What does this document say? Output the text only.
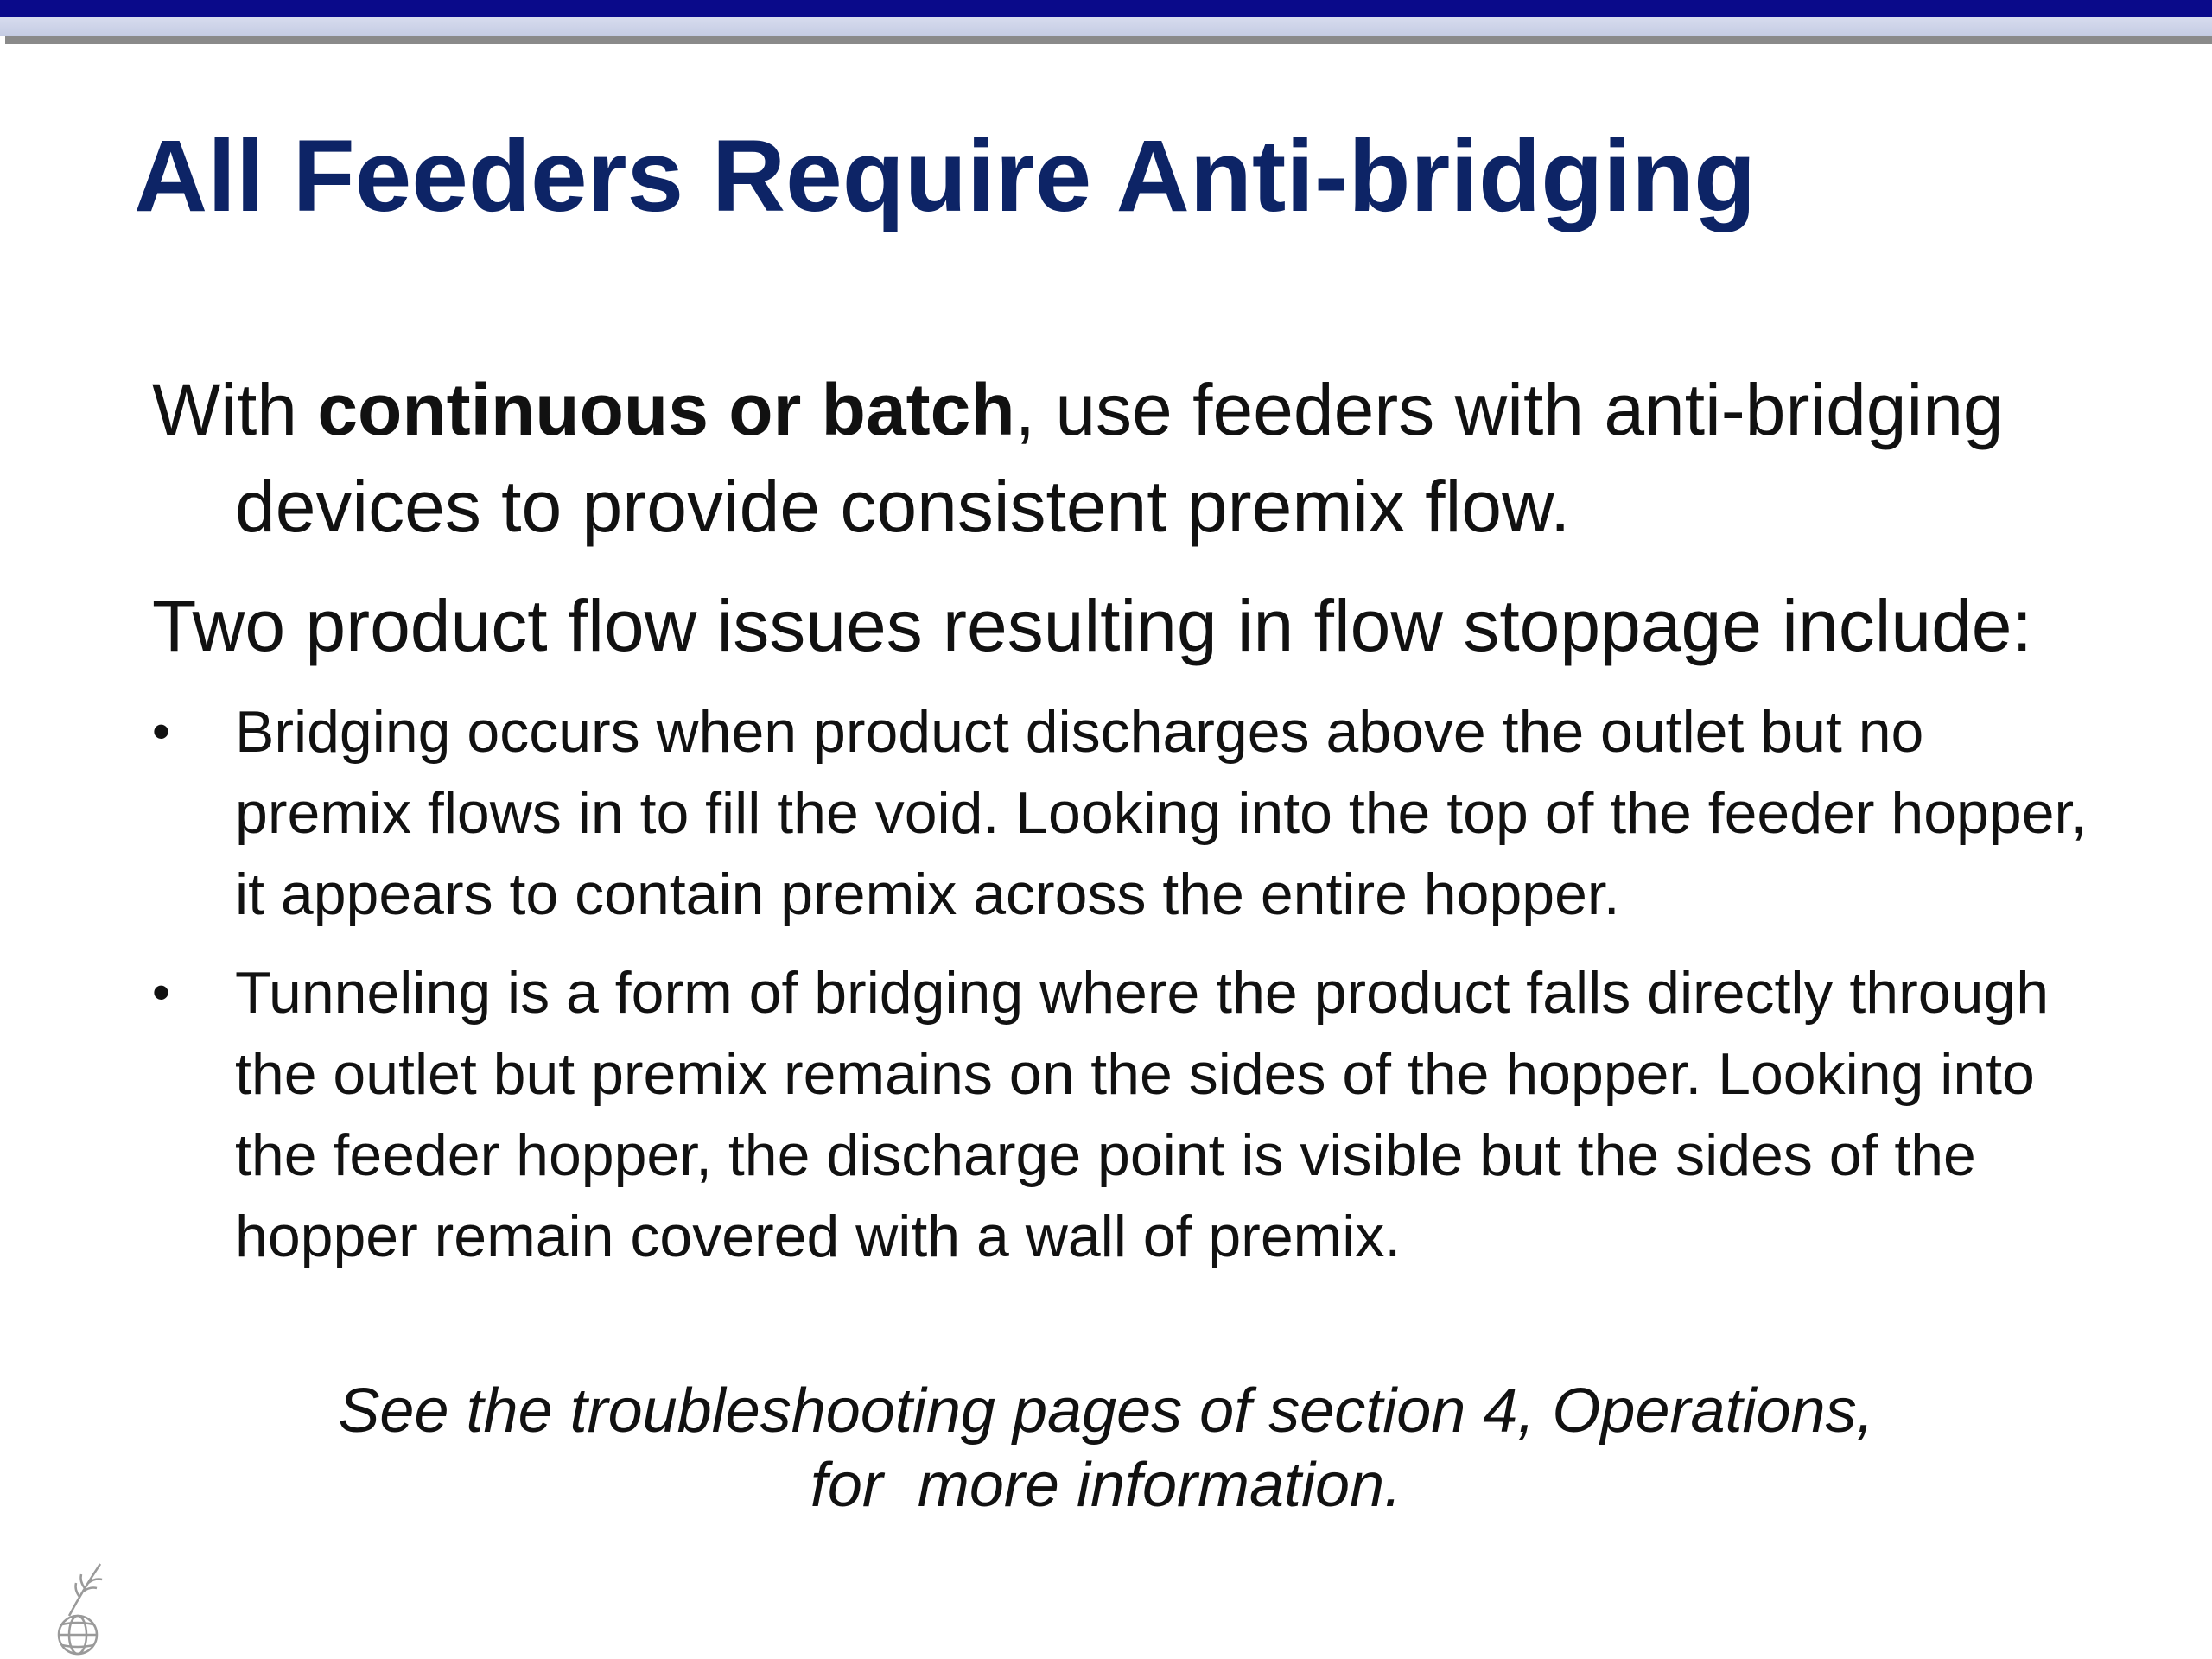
All Feeders Require Anti-bridging
With continuous or batch, use feeders with anti-bridging devices to provide consistent premix flow.
Two product flow issues resulting in flow stoppage include:
• Bridging occurs when product discharges above the outlet but no premix flows in to fill the void. Looking into the top of the feeder hopper, it appears to contain premix across the entire hopper.
• Tunneling is a form of bridging where the product falls directly through the outlet but premix remains on the sides of the hopper. Looking into the feeder hopper, the discharge point is visible but the sides of the hopper remain covered with a wall of premix.
See the troubleshooting pages of section 4, Operations,
for  more information.
